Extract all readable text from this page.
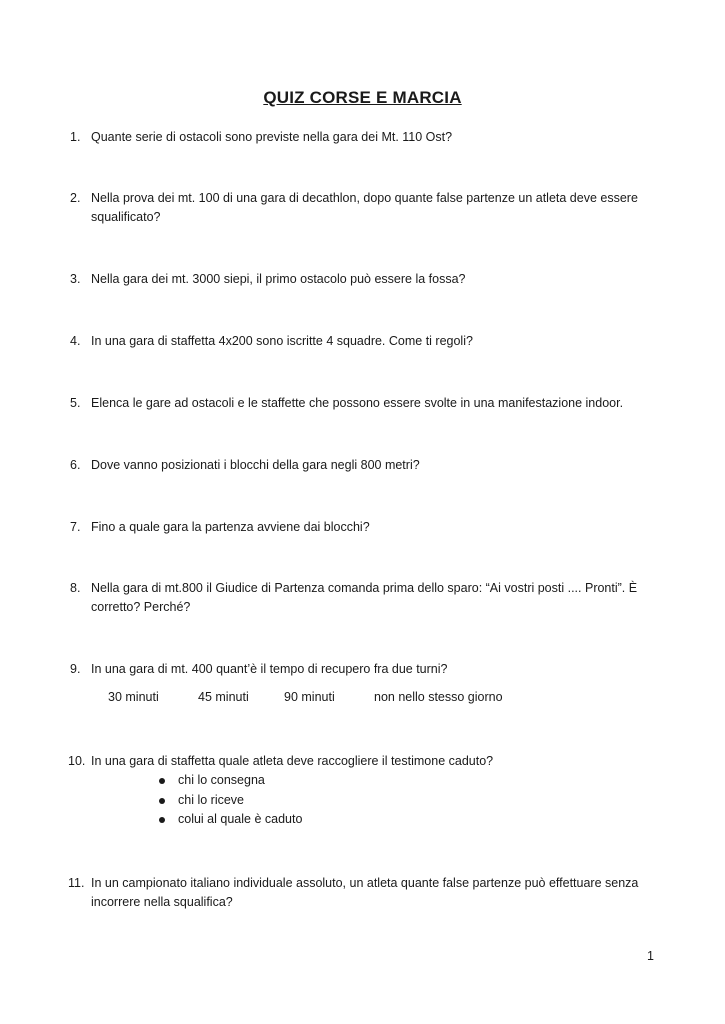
QUIZ CORSE E MARCIA
1. Quante serie di ostacoli sono previste nella gara dei Mt. 110 Ost?
2. Nella prova dei mt. 100 di una gara di decathlon, dopo quante false partenze un atleta deve essere squalificato?
3. Nella gara dei mt. 3000 siepi, il primo ostacolo può essere la fossa?
4. In una gara di staffetta 4x200 sono iscritte 4 squadre. Come ti regoli?
5. Elenca le gare ad ostacoli e le staffette che possono essere svolte in una manifestazione indoor.
6. Dove vanno posizionati i blocchi della gara negli 800 metri?
7. Fino a quale gara la partenza avviene dai blocchi?
8. Nella gara di mt.800 il Giudice di Partenza comanda prima dello sparo: “Ai vostri posti .... Pronti”. È corretto? Perché?
9. In una gara di mt. 400 quant’è il tempo di recupero fra due turni?
30 minuti	45 minuti	90 minuti	non nello stesso giorno
10. In una gara di staffetta quale atleta deve raccogliere il testimone caduto?
chi lo consegna
chi lo riceve
colui al quale è caduto
11. In un campionato italiano individuale assoluto, un atleta quante false partenze può effettuare senza incorrere nella squalifica?
1
